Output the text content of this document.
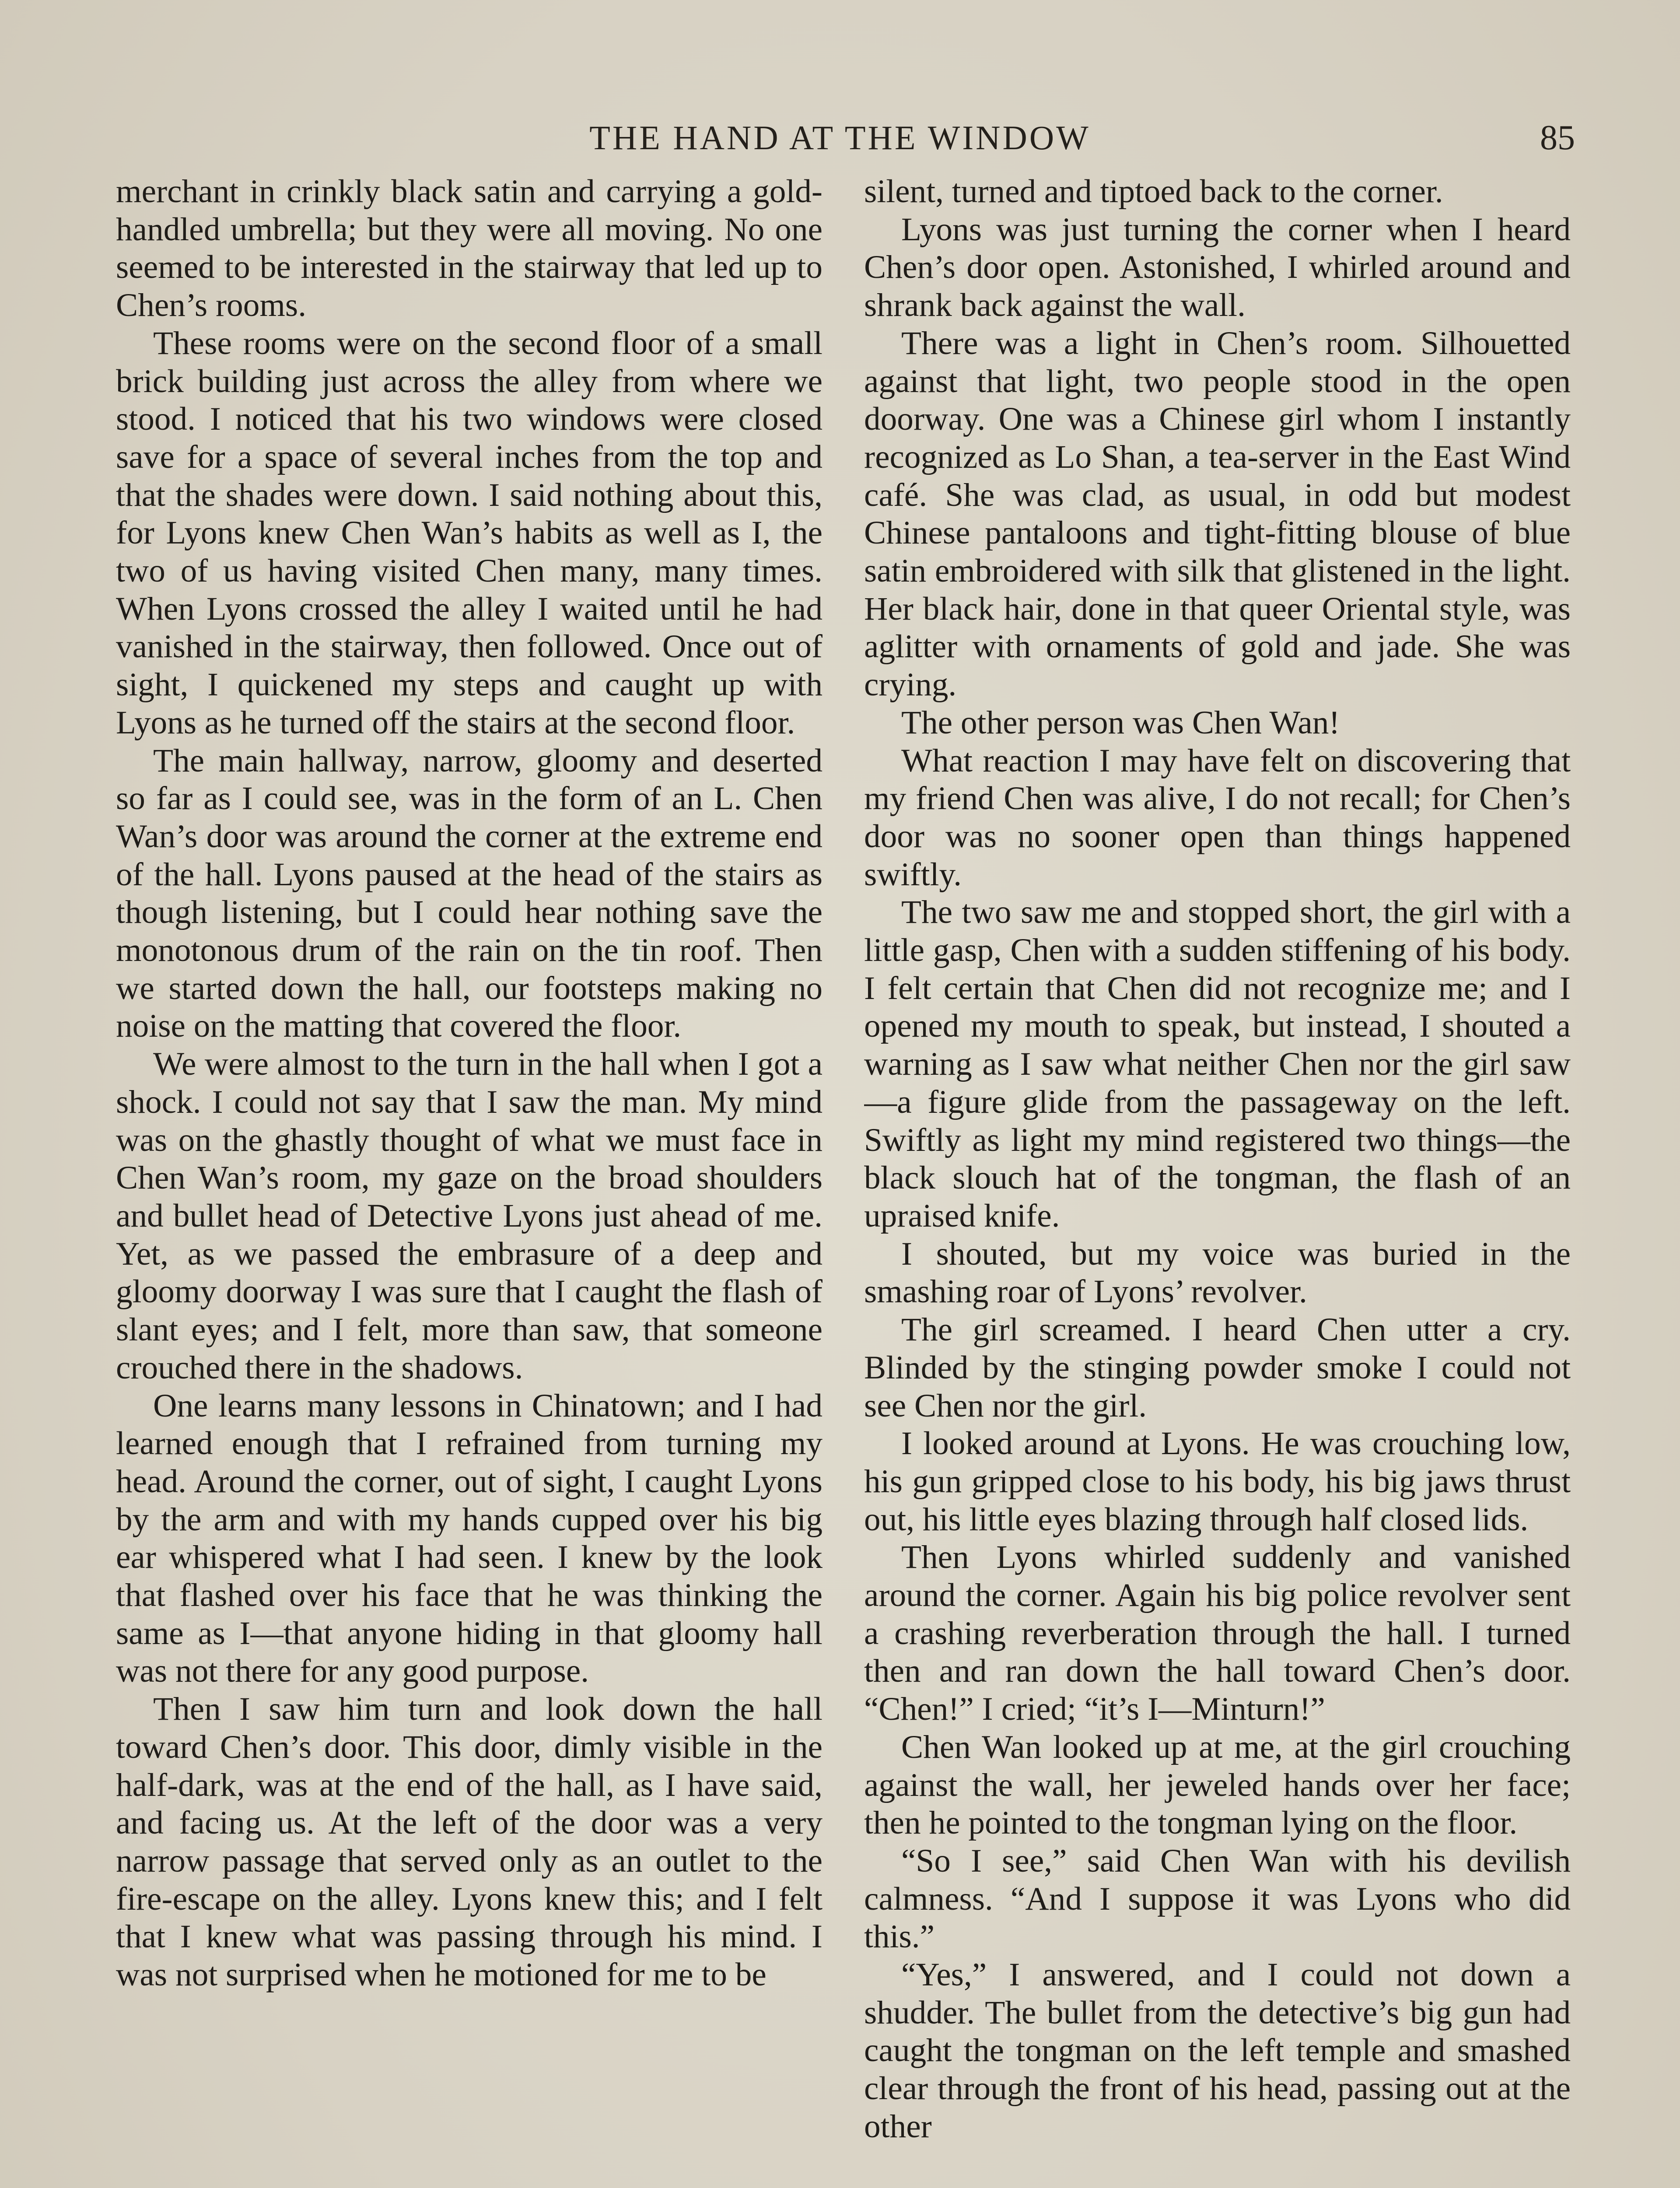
THE HAND AT THE WINDOW	85

merchant in crinkly black satin and carrying a gold-handled umbrella; but they were all moving. No one seemed to be interested in the stairway that led up to Chen’s rooms.

These rooms were on the second floor of a small brick building just across the alley from where we stood. I noticed that his two windows were closed save for a space of several inches from the top and that the shades were down. I said nothing about this, for Lyons knew Chen Wan’s habits as well as I, the two of us having visited Chen many, many times. When Lyons crossed the alley I waited until he had vanished in the stairway, then followed. Once out of sight, I quickened my steps and caught up with Lyons as he turned off the stairs at the second floor.

The main hallway, narrow, gloomy and deserted so far as I could see, was in the form of an L. Chen Wan’s door was around the corner at the extreme end of the hall. Lyons paused at the head of the stairs as though listening, but I could hear nothing save the monotonous drum of the rain on the tin roof. Then we started down the hall, our footsteps making no noise on the matting that covered the floor.

We were almost to the turn in the hall when I got a shock. I could not say that I saw the man. My mind was on the ghastly thought of what we must face in Chen Wan’s room, my gaze on the broad shoulders and bullet head of Detective Lyons just ahead of me. Yet, as we passed the embrasure of a deep and gloomy doorway I was sure that I caught the flash of slant eyes; and I felt, more than saw, that someone crouched there in the shadows.

One learns many lessons in Chinatown; and I had learned enough that I refrained from turning my head. Around the corner, out of sight, I caught Lyons by the arm and with my hands cupped over his big ear whispered what I had seen. I knew by the look that flashed over his face that he was thinking the same as I—that anyone hiding in that gloomy hall was not there for any good purpose.

Then I saw him turn and look down the hall toward Chen’s door. This door, dimly visible in the half-dark, was at the end of the hall, as I have said, and facing us. At the left of the door was a very narrow passage that served only as an outlet to the fire-escape on the alley. Lyons knew this; and I felt that I knew what was passing through his mind. I was not surprised when he motioned for me to be

silent, turned and tiptoed back to the corner.

Lyons was just turning the corner when I heard Chen’s door open. Astonished, I whirled around and shrank back against the wall.

There was a light in Chen’s room. Silhouetted against that light, two people stood in the open doorway. One was a Chinese girl whom I instantly recognized as Lo Shan, a tea-server in the East Wind café. She was clad, as usual, in odd but modest Chinese pantaloons and tight-fitting blouse of blue satin embroidered with silk that glistened in the light. Her black hair, done in that queer Oriental style, was aglitter with ornaments of gold and jade. She was crying.

The other person was Chen Wan!

What reaction I may have felt on discovering that my friend Chen was alive, I do not recall; for Chen’s door was no sooner open than things happened swiftly.

The two saw me and stopped short, the girl with a little gasp, Chen with a sudden stiffening of his body. I felt certain that Chen did not recognize me; and I opened my mouth to speak, but instead, I shouted a warning as I saw what neither Chen nor the girl saw—a figure glide from the passageway on the left. Swiftly as light my mind registered two things—the black slouch hat of the tongman, the flash of an upraised knife.

I shouted, but my voice was buried in the smashing roar of Lyons’ revolver.

The girl screamed. I heard Chen utter a cry. Blinded by the stinging powder smoke I could not see Chen nor the girl.

I looked around at Lyons. He was crouching low, his gun gripped close to his body, his big jaws thrust out, his little eyes blazing through half closed lids.

Then Lyons whirled suddenly and vanished around the corner. Again his big police revolver sent a crashing reverberation through the hall. I turned then and ran down the hall toward Chen’s door. “Chen!” I cried; “it’s I—Minturn!”

Chen Wan looked up at me, at the girl crouching against the wall, her jeweled hands over her face; then he pointed to the tongman lying on the floor.

“So I see,” said Chen Wan with his devilish calmness. “And I suppose it was Lyons who did this.”

“Yes,” I answered, and I could not down a shudder. The bullet from the detective’s big gun had caught the tongman on the left temple and smashed clear through the front of his head, passing out at the other
